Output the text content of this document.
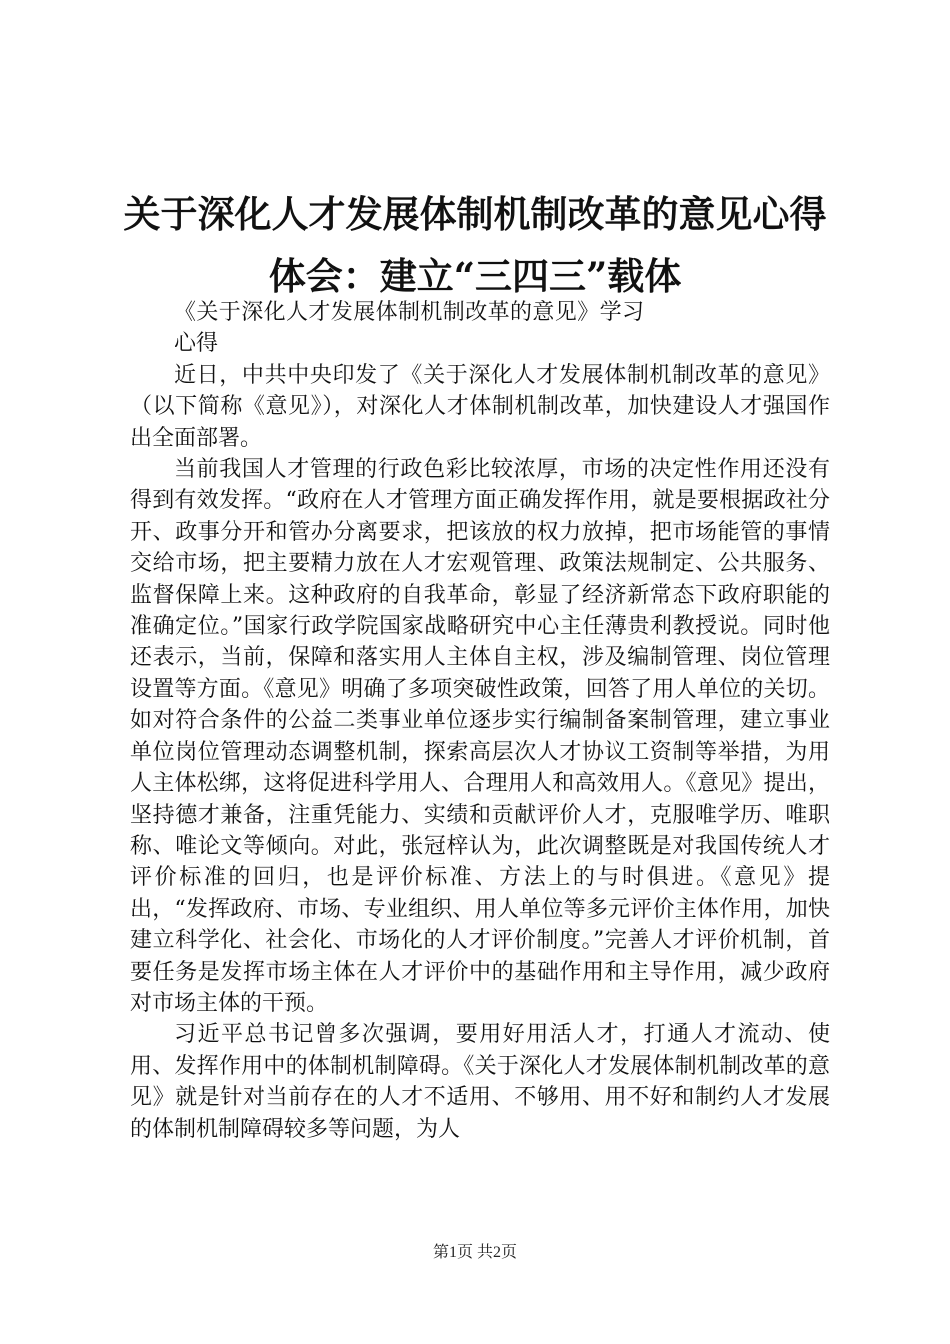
关于深化人才发展体制机制改革的意见心得体会：建立“三四三”载体

《关于深化人才发展体制机制改革的意见》学习心得

近日，中共中央印发了《关于深化人才发展体制机制改革的意见》（以下简称《意见》），对深化人才体制机制改革，加快建设人才强国作出全面部署。

当前我国人才管理的行政色彩比较浓厚，市场的决定性作用还没有得到有效发挥。“政府在人才管理方面正确发挥作用，就是要根据政社分开、政事分开和管办分离要求，把该放的权力放掉，把市场能管的事情交给市场，把主要精力放在人才宏观管理、政策法规制定、公共服务、监督保障上来。这种政府的自我革命，彰显了经济新常态下政府职能的准确定位。”国家行政学院国家战略研究中心主任薄贵利教授说。同时他还表示，当前，保障和落实用人主体自主权，涉及编制管理、岗位管理设置等方面。《意见》明确了多项突破性政策，回答了用人单位的关切。如对符合条件的公益二类事业单位逐步实行编制备案制管理，建立事业单位岗位管理动态调整机制，探索高层次人才协议工资制等举措，为用人主体松绑，这将促进科学用人、合理用人和高效用人。《意见》提出，坚持德才兼备，注重凭能力、实绩和贡献评价人才，克服唯学历、唯职称、唯论文等倾向。对此，张冠梓认为，此次调整既是对我国传统人才评价标准的回归，也是评价标准、方法上的与时俱进。《意见》提出，“发挥政府、市场、专业组织、用人单位等多元评价主体作用，加快建立科学化、社会化、市场化的人才评价制度。”完善人才评价机制，首要任务是发挥市场主体在人才评价中的基础作用和主导作用，减少政府对市场主体的干预。

习近平总书记曾多次强调，要用好用活人才，打通人才流动、使用、发挥作用中的体制机制障碍。《关于深化人才发展体制机制改革的意见》就是针对当前存在的人才不适用、不够用、用不好和制约人才发展的体制机制障碍较多等问题，为人

第1页 共2页
